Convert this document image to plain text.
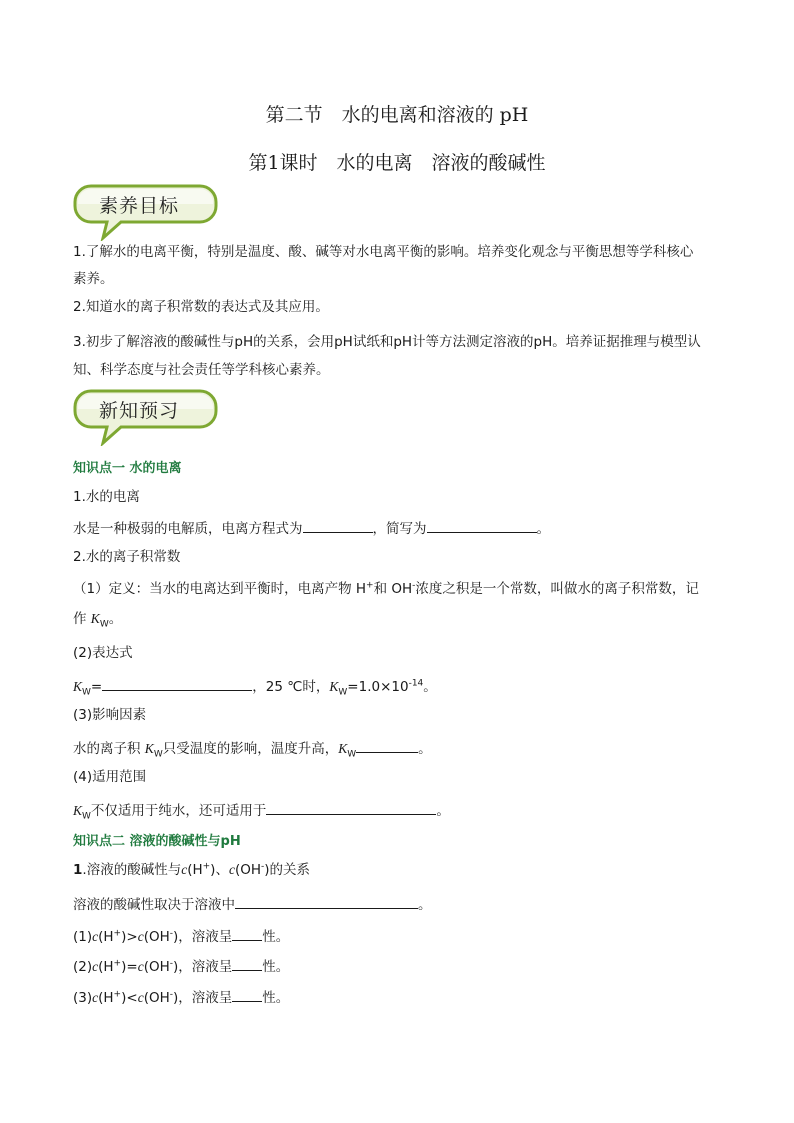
第二节　水的电离和溶液的 pH
第1课时　水的电离　溶液的酸碱性
素养目标
1.了解水的电离平衡，特别是温度、酸、碱等对水电离平衡的影响。培养变化观念与平衡思想等学科核心
素养。
2.知道水的离子积常数的表达式及其应用。
3.初步了解溶液的酸碱性与pH的关系，会用pH试纸和pH计等方法测定溶液的pH。培养证据推理与模型认
知、科学态度与社会责任等学科核心素养。
新知预习
知识点一 水的电离
1.水的电离
水是一种极弱的电解质，电离方程式为	，简写为	。
2.水的离子积常数
（1）定义：当水的电离达到平衡时，电离产物 H+和 OH-浓度之积是一个常数，叫做水的离子积常数，记
作 $K_W$。
(2)表达式
$K_W=$	，25 ℃时，$K_W=1.0\times 10^{-14}$。
(3)影响因素
水的离子积 $K_W$只受温度的影响，温度升高，$K_W$	。
(4)适用范围
$K_W$不仅适用于纯水，还可适用于	。
知识点二 溶液的酸碱性与pH
1.溶液的酸碱性与c(H+)、c(OH-)的关系
溶液的酸碱性取决于溶液中	。
(1)c(H+)>c(OH-)，溶液呈 性。
(2)c(H+)=c(OH-)，溶液呈 性。
(3)c(H+)<c(OH-)，溶液呈 性。
